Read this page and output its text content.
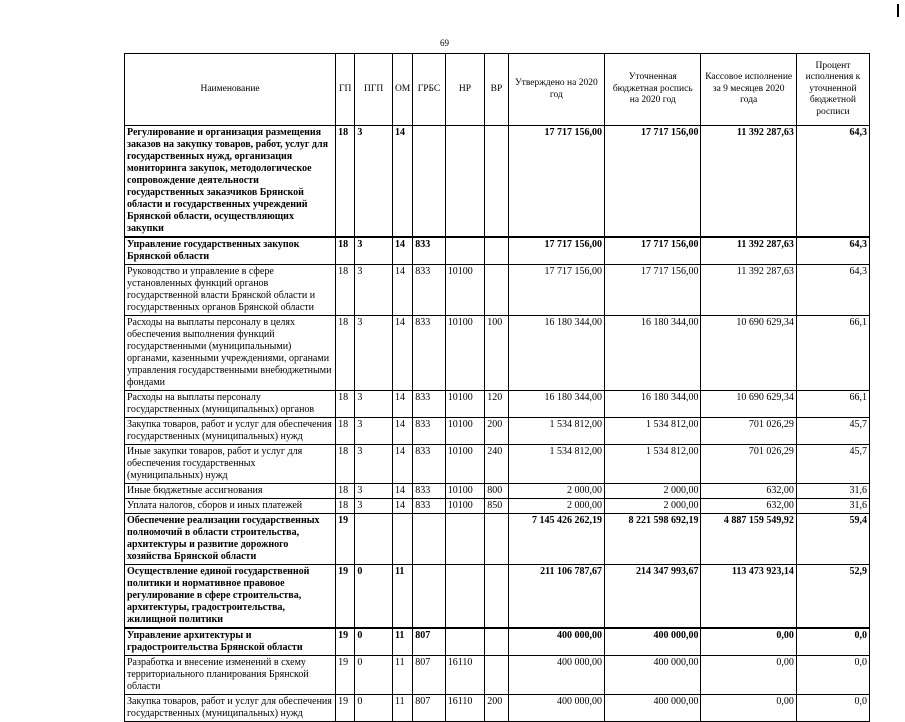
69
Наименование	ГП	ПГП	ОМ	ГРБС	НР	ВР	Утверждено на 2020 год	Уточненная бюджетная роспись на 2020 год	Кассовое исполнение за 9 месяцев 2020 года	Процент исполнения к уточненной бюджетной росписи
Регулирование и организация размещения заказов на закупку товаров, работ, услуг для государственных нужд, организация мониторинга закупок, методологическое сопровождение деятельности государственных заказчиков Брянской области и государственных учреждений Брянской области, осуществляющих закупки	18	3	14				17 717 156,00	17 717 156,00	11 392 287,63	64,3
Управление государственных закупок Брянской области	18	3	14	833			17 717 156,00	17 717 156,00	11 392 287,63	64,3
Руководство и управление в сфере установленных функций органов государственной власти Брянской области и государственных органов Брянской области	18	3	14	833	10100		17 717 156,00	17 717 156,00	11 392 287,63	64,3
Расходы на выплаты персоналу в целях обеспечения выполнения функций государственными (муниципальными) органами, казенными учреждениями, органами управления государственными внебюджетными фондами	18	3	14	833	10100	100	16 180 344,00	16 180 344,00	10 690 629,34	66,1
Расходы на выплаты персоналу государственных (муниципальных) органов	18	3	14	833	10100	120	16 180 344,00	16 180 344,00	10 690 629,34	66,1
Закупка товаров, работ и услуг для обеспечения государственных (муниципальных) нужд	18	3	14	833	10100	200	1 534 812,00	1 534 812,00	701 026,29	45,7
Иные закупки товаров, работ и услуг для обеспечения государственных (муниципальных) нужд	18	3	14	833	10100	240	1 534 812,00	1 534 812,00	701 026,29	45,7
Иные бюджетные ассигнования	18	3	14	833	10100	800	2 000,00	2 000,00	632,00	31,6
Уплата налогов, сборов и иных платежей	18	3	14	833	10100	850	2 000,00	2 000,00	632,00	31,6
Обеспечение реализации государственных полномочий в области строительства, архитектуры и развитие дорожного хозяйства Брянской области	19						7 145 426 262,19	8 221 598 692,19	4 887 159 549,92	59,4
Осуществление единой государственной политики и нормативное правовое регулирование в сфере строительства, архитектуры, градостроительства, жилищной политики	19	0	11				211 106 787,67	214 347 993,67	113 473 923,14	52,9
Управление архитектуры и градостроительства Брянской области	19	0	11	807			400 000,00	400 000,00	0,00	0,0
Разработка и внесение изменений в схему территориального планирования Брянской области	19	0	11	807	16110		400 000,00	400 000,00	0,00	0,0
Закупка товаров, работ и услуг для обеспечения государственных (муниципальных) нужд	19	0	11	807	16110	200	400 000,00	400 000,00	0,00	0,0
